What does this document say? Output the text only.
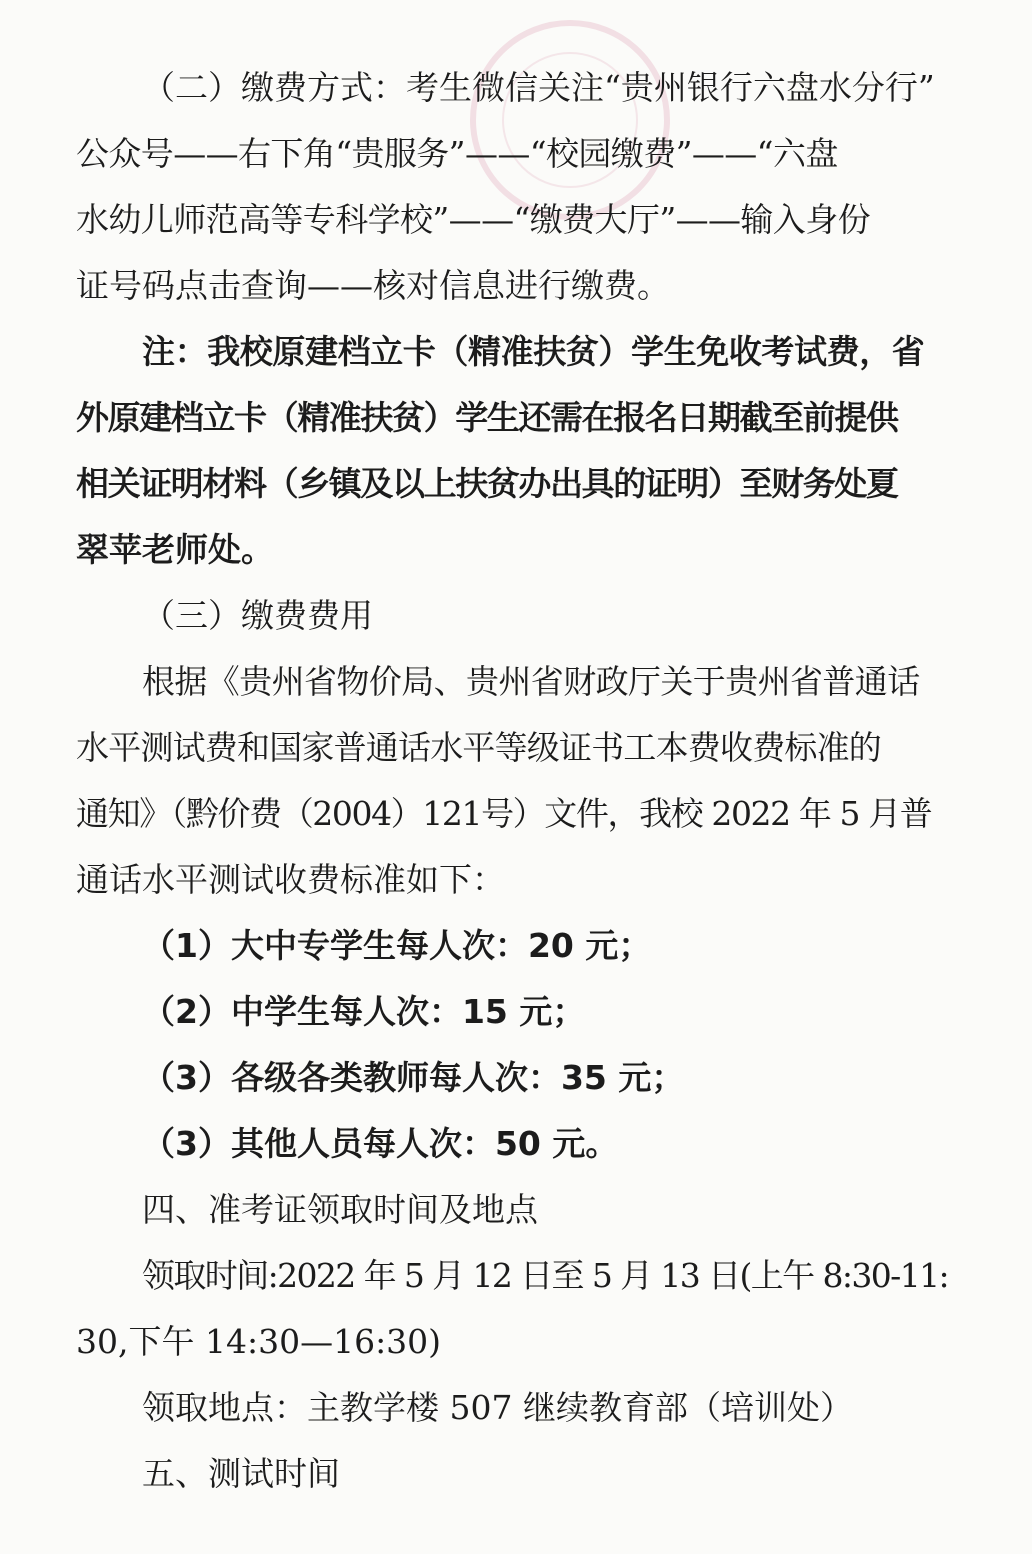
（二）缴费方式：考生微信关注“贵州银行六盘水分行”

公众号——右下角“贵服务”——“校园缴费”——“六盘

水幼儿师范高等专科学校”——“缴费大厅”——输入身份

证号码点击查询——核对信息进行缴费。

注：我校原建档立卡（精准扶贫）学生免收考试费，省

外原建档立卡（精准扶贫）学生还需在报名日期截至前提供

相关证明材料（乡镇及以上扶贫办出具的证明）至财务处夏

翠苹老师处。

（三）缴费费用

根据《贵州省物价局、贵州省财政厅关于贵州省普通话

水平测试费和国家普通话水平等级证书工本费收费标准的

通知》（黔价费（2004）121号）文件，我校 2022 年 5 月普

通话水平测试收费标准如下：

（1）大中专学生每人次：20 元；

（2）中学生每人次：15 元；

（3）各级各类教师每人次：35 元；

（3）其他人员每人次：50 元。

四、准考证领取时间及地点

领取时间:2022 年 5 月 12 日至 5 月 13 日(上午 8:30-11:

30,下午 14:30—16:30)

领取地点：主教学楼 507 继续教育部（培训处）

五、测试时间
